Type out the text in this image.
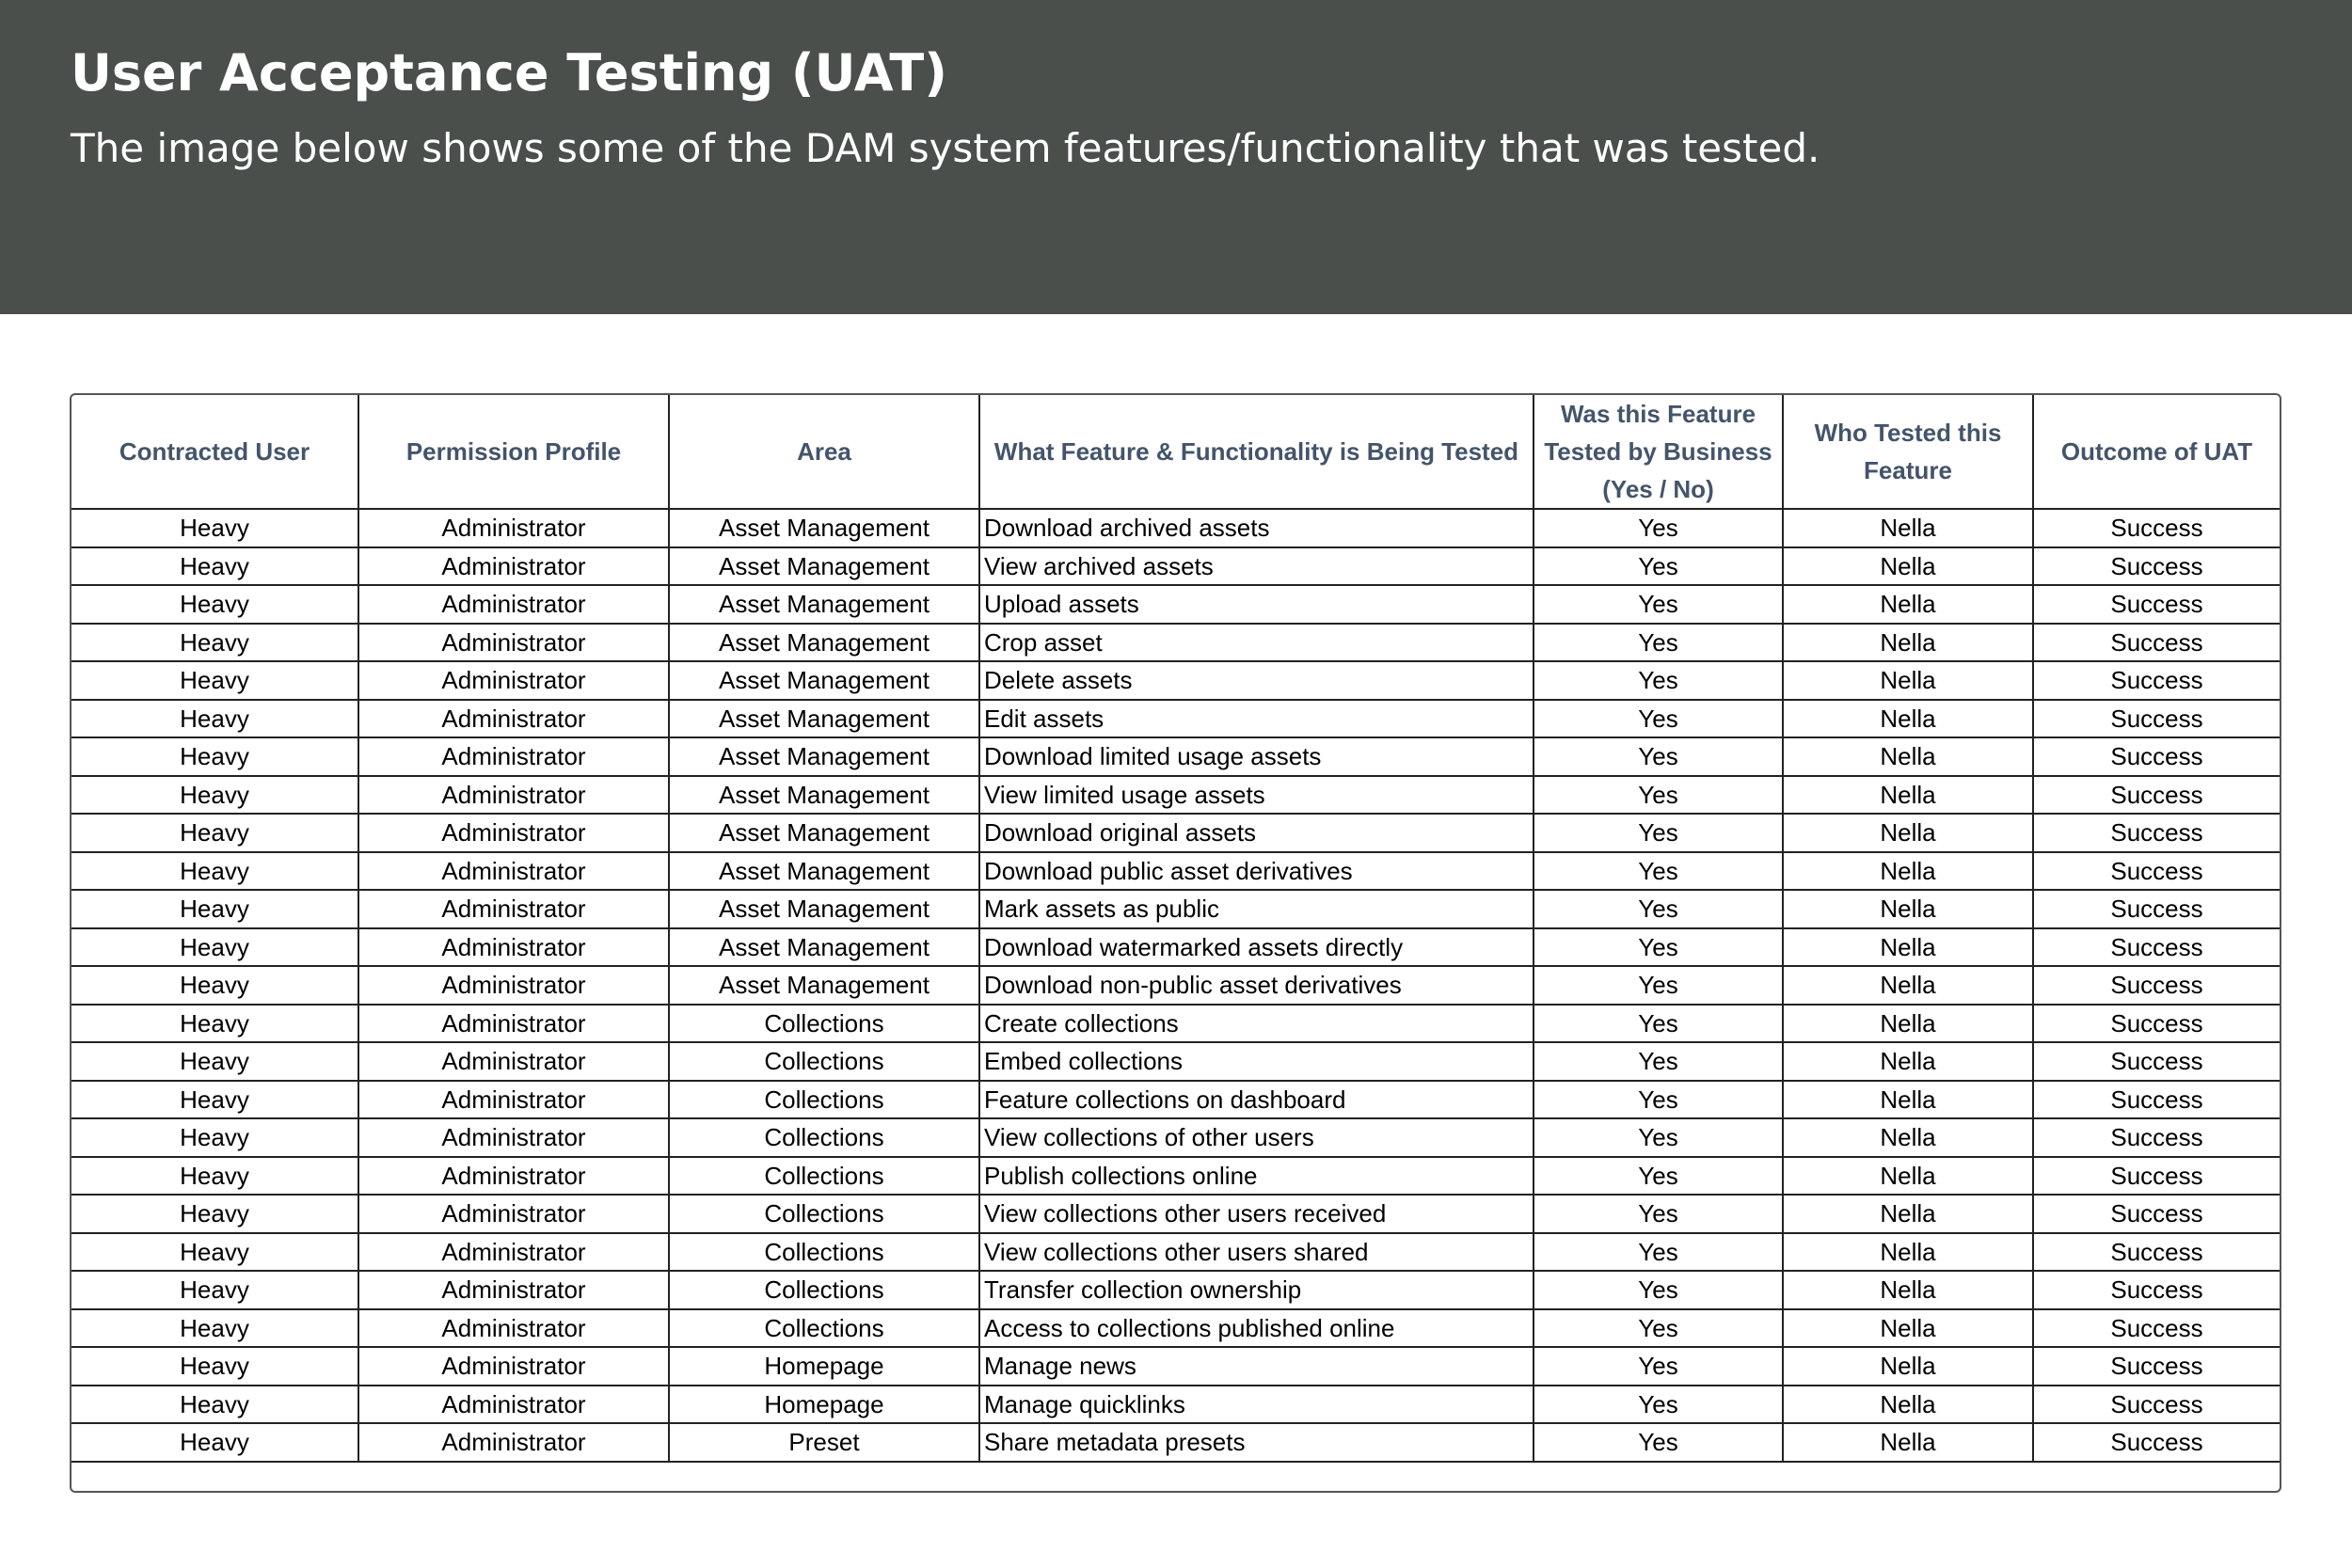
User Acceptance Testing (UAT)

The image below shows some of the DAM system features/functionality that was tested.

Contracted User	Permission Profile	Area	What Feature & Functionality is Being Tested	Was this Feature Tested by Business (Yes / No)	Who Tested this Feature	Outcome of UAT
Heavy	Administrator	Asset Management	Download archived assets	Yes	Nella	Success
Heavy	Administrator	Asset Management	View archived assets	Yes	Nella	Success
Heavy	Administrator	Asset Management	Upload assets	Yes	Nella	Success
Heavy	Administrator	Asset Management	Crop asset	Yes	Nella	Success
Heavy	Administrator	Asset Management	Delete assets	Yes	Nella	Success
Heavy	Administrator	Asset Management	Edit assets	Yes	Nella	Success
Heavy	Administrator	Asset Management	Download limited usage assets	Yes	Nella	Success
Heavy	Administrator	Asset Management	View limited usage assets	Yes	Nella	Success
Heavy	Administrator	Asset Management	Download original assets	Yes	Nella	Success
Heavy	Administrator	Asset Management	Download public asset derivatives	Yes	Nella	Success
Heavy	Administrator	Asset Management	Mark assets as public	Yes	Nella	Success
Heavy	Administrator	Asset Management	Download watermarked assets directly	Yes	Nella	Success
Heavy	Administrator	Asset Management	Download non-public asset derivatives	Yes	Nella	Success
Heavy	Administrator	Collections	Create collections	Yes	Nella	Success
Heavy	Administrator	Collections	Embed collections	Yes	Nella	Success
Heavy	Administrator	Collections	Feature collections on dashboard	Yes	Nella	Success
Heavy	Administrator	Collections	View collections of other users	Yes	Nella	Success
Heavy	Administrator	Collections	Publish collections online	Yes	Nella	Success
Heavy	Administrator	Collections	View collections other users received	Yes	Nella	Success
Heavy	Administrator	Collections	View collections other users shared	Yes	Nella	Success
Heavy	Administrator	Collections	Transfer collection ownership	Yes	Nella	Success
Heavy	Administrator	Collections	Access to collections published online	Yes	Nella	Success
Heavy	Administrator	Homepage	Manage news	Yes	Nella	Success
Heavy	Administrator	Homepage	Manage quicklinks	Yes	Nella	Success
Heavy	Administrator	Preset	Share metadata presets	Yes	Nella	Success
